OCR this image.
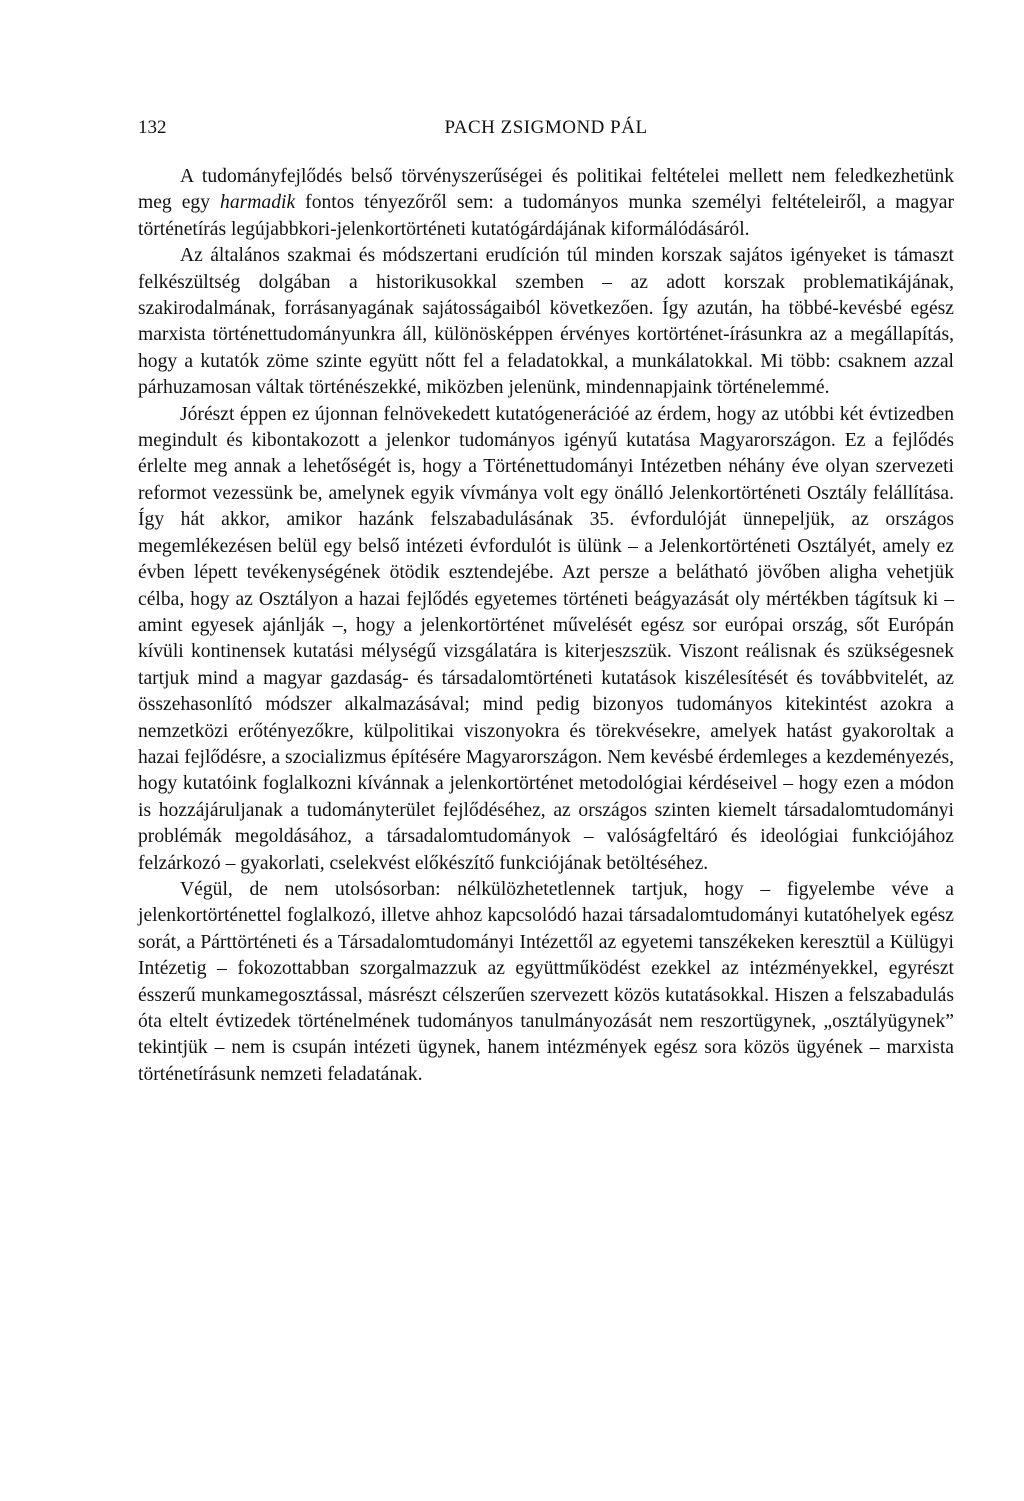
132	PACH ZSIGMOND PÁL

A tudományfejlődés belső törvényszerűségei és politikai feltételei mellett nem feledkezhetünk meg egy harmadik fontos tényezőről sem: a tudományos munka személyi feltételeiről, a magyar történetírás legújabbkori-jelenkortörténeti kutatógárdájának kiformálódásáról.

Az általános szakmai és módszertani erudíción túl minden korszak sajátos igényeket is támaszt felkészültség dolgában a historikusokkal szemben – az adott korszak problematikájának, szakirodalmának, forrásanyagának sajátosságaiból következően. Így azután, ha többé-kevésbé egész marxista történettudományunkra áll, különösképpen érvényes kortörténet-írásunkra az a megállapítás, hogy a kutatók zöme szinte együtt nőtt fel a feladatokkal, a munkálatokkal. Mi több: csaknem azzal párhuzamosan váltak történészekké, miközben jelenünk, mindennapjaink történelemmé.

Jórészt éppen ez újonnan felnövekedett kutatógenerációé az érdem, hogy az utóbbi két évtizedben megindult és kibontakozott a jelenkor tudományos igényű kutatása Magyarországon. Ez a fejlődés érlelte meg annak a lehetőségét is, hogy a Történettudományi Intézetben néhány éve olyan szervezeti reformot vezessünk be, amelynek egyik vívmánya volt egy önálló Jelenkortörténeti Osztály felállítása. Így hát akkor, amikor hazánk felszabadulásának 35. évfordulóját ünnepeljük, az országos megemlékezésen belül egy belső intézeti évfordulót is ülünk – a Jelenkortörténeti Osztályét, amely ez évben lépett tevékenységének ötödik esztendejébe. Azt persze a belátható jövőben aligha vehetjük célba, hogy az Osztályon a hazai fejlődés egyetemes történeti beágyazását oly mértékben tágítsuk ki – amint egyesek ajánlják –, hogy a jelenkortörténet művelését egész sor európai ország, sőt Európán kívüli kontinensek kutatási mélységű vizsgálatára is kiterjeszszük. Viszont reálisnak és szükségesnek tartjuk mind a magyar gazdaság- és társadalomtörténeti kutatások kiszélesítését és továbbvitelét, az összehasonlító módszer alkalmazásával; mind pedig bizonyos tudományos kitekintést azokra a nemzetközi erőtényezőkre, külpolitikai viszonyokra és törekvésekre, amelyek hatást gyakoroltak a hazai fejlődésre, a szocializmus építésére Magyarországon. Nem kevésbé érdemleges a kezdeményezés, hogy kutatóink foglalkozni kívánnak a jelenkortörténet metodológiai kérdéseivel – hogy ezen a módon is hozzájáruljanak a tudományterület fejlődéséhez, az országos szinten kiemelt társadalomtudományi problémák megoldásához, a társadalomtudományok – valóságfeltáró és ideológiai funkciójához felzárkozó – gyakorlati, cselekvést előkészítő funkciójának betöltéséhez.

Végül, de nem utolsósorban: nélkülözhetetlennek tartjuk, hogy – figyelembe véve a jelenkortörténettel foglalkozó, illetve ahhoz kapcsolódó hazai társadalomtudományi kutatóhelyek egész sorát, a Párttörténeti és a Társadalomtudományi Intézettől az egyetemi tanszékeken keresztül a Külügyi Intézetig – fokozottabban szorgalmazzuk az együttműködést ezekkel az intézményekkel, egyrészt ésszerű munkamegosztással, másrészt célszerűen szervezett közös kutatásokkal. Hiszen a felszabadulás óta eltelt évtizedek történelmének tudományos tanulmányozását nem reszortügynek, „osztályügynek” tekintjük – nem is csupán intézeti ügynek, hanem intézmények egész sora közös ügyének – marxista történetírásunk nemzeti feladatának.
